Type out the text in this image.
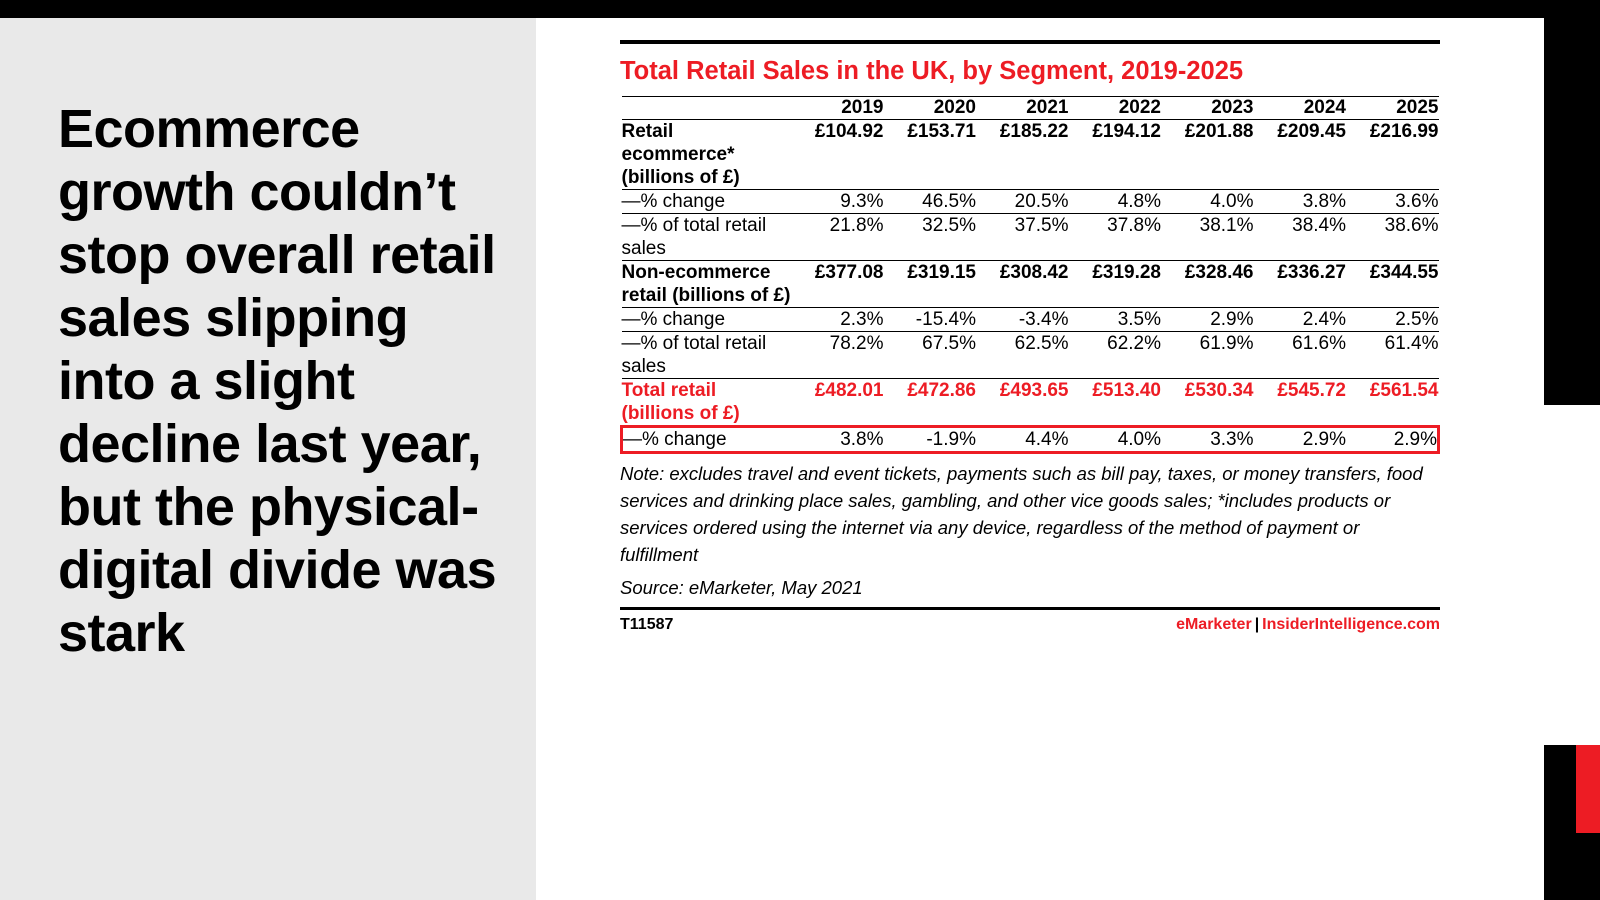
Ecommerce growth couldn’t stop overall retail sales slipping into a slight decline last year, but the physical-digital divide was stark
Total Retail Sales in the UK, by Segment, 2019-2025
	2019	2020	2021	2022	2023	2024	2025
Retail ecommerce* (billions of £)	£104.92	£153.71	£185.22	£194.12	£201.88	£209.45	£216.99
—% change	9.3%	46.5%	20.5%	4.8%	4.0%	3.8%	3.6%
—% of total retail sales	21.8%	32.5%	37.5%	37.8%	38.1%	38.4%	38.6%
Non-ecommerce retail (billions of £)	£377.08	£319.15	£308.42	£319.28	£328.46	£336.27	£344.55
—% change	2.3%	-15.4%	-3.4%	3.5%	2.9%	2.4%	2.5%
—% of total retail sales	78.2%	67.5%	62.5%	62.2%	61.9%	61.6%	61.4%
Total retail (billions of £)	£482.01	£472.86	£493.65	£513.40	£530.34	£545.72	£561.54
—% change	3.8%	-1.9%	4.4%	4.0%	3.3%	2.9%	2.9%
Note: excludes travel and event tickets, payments such as bill pay, taxes, or money transfers, food services and drinking place sales, gambling, and other vice goods sales; *includes products or services ordered using the internet via any device, regardless of the method of payment or fulfillment
Source: eMarketer, May 2021
T11587	eMarketer | InsiderIntelligence.com
4
